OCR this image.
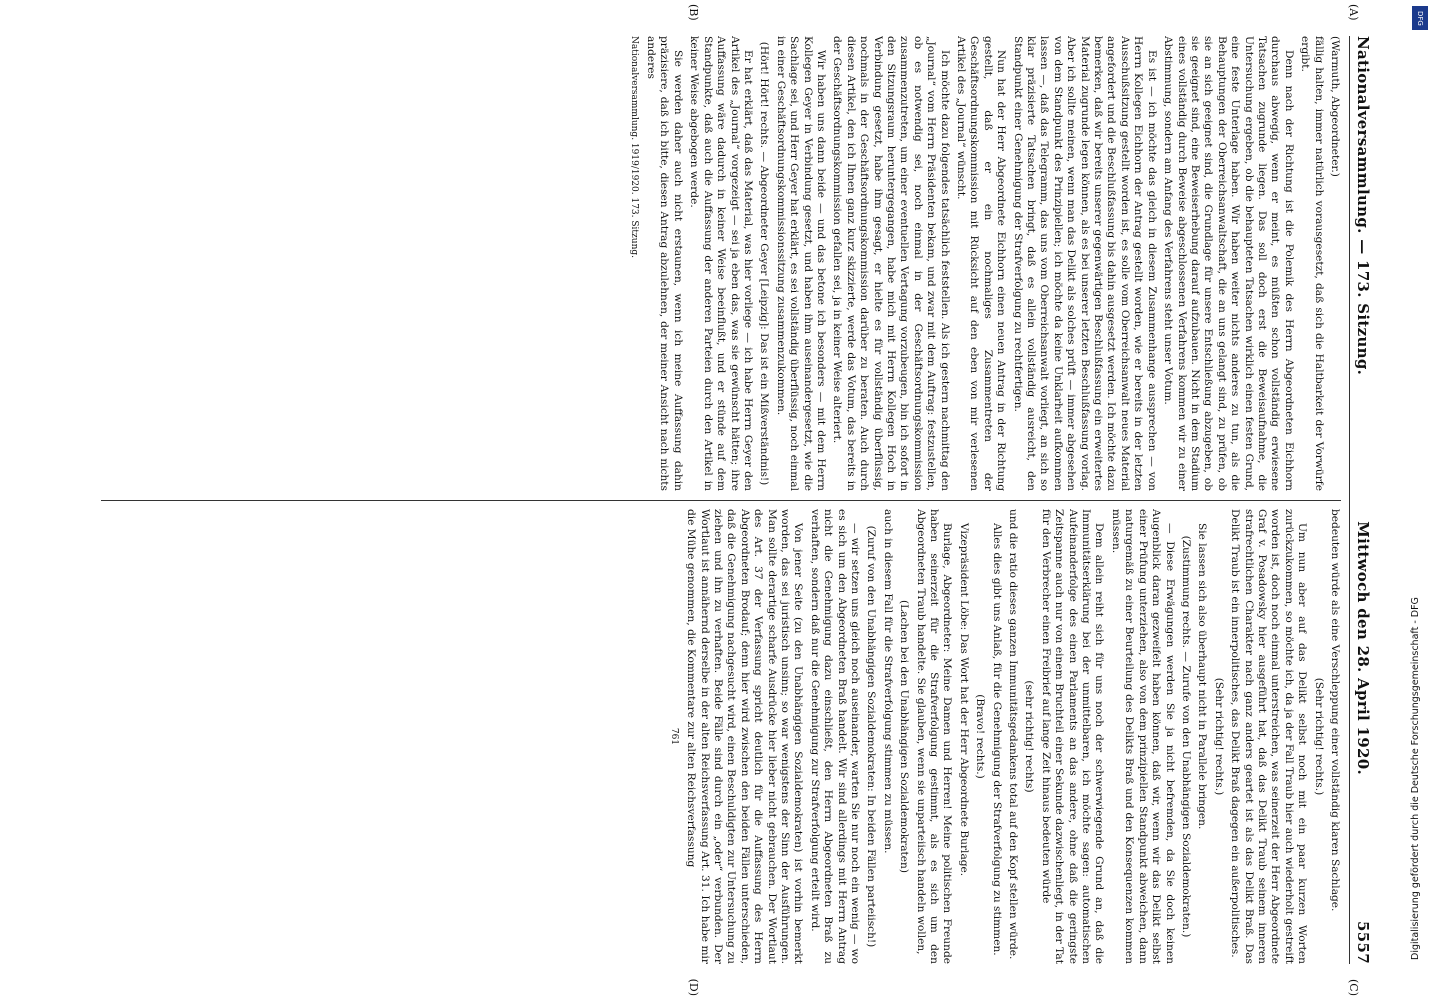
Nationalversammlung. — 173. Sitzung.
Mittwoch den 28. April 1920.
5557

(Warmuth, Abgeordneter.)

fällig halten, immer natürlich vorausgesetzt, daß sich die Haltbarkeit der Vorwürfe ergibt.

Denn nach der Richtung ist die Polemik des Herrn Abgeordneten Eichhorn durchaus abwegig, wenn er meint, es müßten schon vollständig erwiesene Tatsachen zugrunde liegen. Das soll doch erst die Beweisaufnahme, die Untersuchung ergeben, ob die behaupteten Tatsachen wirklich einen festen Grund, eine feste Unterlage haben. Wir haben weiter nichts anderes zu tun, als die Behauptungen der Oberreichsanwaltschaft, die an uns gelangt sind, zu prüfen, ob sie an sich geeignet sind, die Grundlage für unsere Entschließung abzugeben, ob sie geeignet sind, eine Beweiserhebung darauf aufzubauen. Nicht in dem Stadium eines vollständig durch Beweise abgeschlossenen Verfahrens kommen wir zu einer Abstimmung, sondern am Anfang des Verfahrens steht unser Votum.

Es ist — ich möchte das gleich in diesem Zusammenhange aussprechen — von Herrn Kollegen Eichhorn der Antrag gestellt worden, wie er bereits in der letzten Ausschußsitzung gestellt worden ist, es solle vom Oberreichsanwalt neues Material angefordert und die Beschlußfassung bis dahin ausgesetzt werden. Ich möchte dazu bemerken, daß wir bereits unserer gegenwärtigen Beschlußfassung ein erweitertes Material zugrunde legen können, als es bei unserer letzten Beschlußfassung vorlag. Aber ich sollte meinen, wenn man das Delikt als solches prüft — immer abgesehen von dem Standpunkt des Prinzipiellen; ich möchte da keine Unklarheit aufkommen lassen —, daß das Telegramm, das uns vom Oberreichsanwalt vorliegt, an sich so klar präzisierte Tatsachen bringt, daß es allein vollständig ausreicht, den Standpunkt einer Genehmigung der Strafverfolgung zu rechtfertigen.

Nun hat der Herr Abgeordnete Eichhorn einen neuen Antrag in der Richtung gestellt, daß er ein nochmaliges Zusammentreten der Geschäftsordnungskommission mit Rücksicht auf den eben von mir verlesenen Artikel des „Journal“ wünscht.

Ich möchte dazu folgendes tatsächlich feststellen. Als ich gestern nachmittag den „Journal“ vom Herrn Präsidenten bekam, und zwar mit dem Auftrag: festzustellen, ob es notwendig sei, noch einmal in der Geschäftsordnungskommission zusammenzutreten, um einer eventuellen Vertagung vorzubeugen, bin ich sofort in den Sitzungsraum heruntergegangen, habe mich mit Herrn Kollegen Hoch in Verbindung gesetzt, habe ihm gesagt, er hielte es für vollständig überflüssig, nochmals in der Geschäftsordnungskommission darüber zu beraten. Auch durch diesen Artikel, den ich Ihnen ganz kurz skizzierte, werde das Votum, das bereits in der Geschäftsordnungskommission gefallen sei, ja in keiner Weise alteriert.

Wir haben uns dann beide — und das betone ich besonders — mit dem Herrn Kollegen Geyer in Verbindung gesetzt, und haben ihm auseinandergesetzt, wie die Sachlage sei, und Herr Geyer hat erklärt, es sei vollständig überflüssig, noch einmal in einer Geschäftsordnungskommissionssitzung zusammenzukommen.

(Hört! Hört! rechts. — Abgeordneter Geyer [Leipzig]: Das ist ein Mißverständnis!)

Er hat erklärt, daß das Material, was hier vorliege — ich habe Herrn Geyer den Artikel des „Journal“ vorgezeigt — sei ja eben das, was sie gewünscht hätten; ihre Auffassung wäre dadurch in keiner Weise beeinflußt, und er stünde auf dem Standpunkte, daß auch die Auffassung der anderen Parteien durch den Artikel in keiner Weise abgebogen werde.

Sie werden daher auch nicht erstaunen, wenn ich meine Auffassung dahin präzisiere, daß ich bitte, diesen Antrag abzulehnen, der meiner Ansicht nach nichts anderes

Nationalversammlung. 1919/1920. 173. Sitzung.

bedeuten würde als eine Verschleppung einer vollständig klaren Sachlage.

(Sehr richtig! rechts.)

Um nun aber auf das Delikt selbst noch mit ein paar kurzen Worten zurückzukommen, so möchte ich, da ja der Fall Traub hier auch wiederholt gestreift worden ist, doch noch einmal unterstreichen, was seinerzeit der Herr Abgeordnete Graf v. Posadowsky hier ausgeführt hat, daß das Delikt Traub seinem inneren strafrechtlichen Charakter nach ganz anders geartet ist als das Delikt Braß. Das Delikt Traub ist ein innerpolitisches, das Delikt Braß dagegen ein außerpolitisches.

(Sehr richtig! rechts.)

Sie lassen sich also überhaupt nicht in Parallele bringen.

(Zustimmung rechts. — Zurufe von den Unabhängigen Sozialdemokraten.)

— Diese Erwägungen werden Sie ja nicht befremden, da Sie doch keinen Augenblick daran gezweifelt haben können, daß wir, wenn wir das Delikt selbst einer Prüfung unterziehen, also von dem prinzipiellen Standpunkt abweichen, dann naturgemäß zu einer Beurteilung des Delikts Braß und den Konsequenzen kommen müssen.

Dem allein reiht sich für uns noch der schwerwiegende Grund an, daß die Immunitätserklärung bei der unmittelbaren, ich möchte sagen: automatischen Aufeinanderfolge des einen Parlaments an das andere, ohne daß die geringste Zeitspanne auch nur von einem Bruchteil einer Sekunde dazwischenliegt, in der Tat für den Verbrecher einen Freibrief auf lange Zeit hinaus bedeuten würde

(sehr richtig! rechts)

und die ratio dieses ganzen Immunitätsgedankens total auf den Kopf stellen würde.

Alles dies gibt uns Anlaß, für die Genehmigung der Strafverfolgung zu stimmen.

(Bravo! rechts.)

Vizepräsident Löbe: Das Wort hat der Herr Abgeordnete Burlage.

Burlage, Abgeordneter: Meine Damen und Herren! Meine politischen Freunde haben seinerzeit für die Strafverfolgung gestimmt, als es sich um den Abgeordneten Traub handelte. Sie glauben, wenn sie unparteiisch handeln wollen,

(Lachen bei den Unabhängigen Sozialdemokraten)

auch in diesem Fall für die Strafverfolgung stimmen zu müssen.

(Zuruf von den Unabhängigen Sozialdemokraten: In beiden Fällen parteiisch!)

— wir setzen uns gleich noch auseinander, warten Sie nur noch ein wenig — wo es sich um den Abgeordneten Braß handelt. Wir sind allerdings mit Herrn Antrag nicht die Genehmigung dazu einschließt, den Herrn Abgeordneten Braß zu verhaften, sondern daß nur die Genehmigung zur Strafverfolgung erteilt wird.

Von jener Seite (zu den Unabhängigen Sozialdemokraten) ist vorhin bemerkt worden, das sei juristisch unsinn; so war wenigstens der Sinn der Ausführungen. Man sollte derartige scharfe Ausdrücke hier lieber nicht gebrauchen. Der Wortlaut des Art. 37 der Verfassung spricht deutlich für die Auffassung des Herrn Abgeordneten Brodauf; denn hier wird zwischen den beiden Fällen unterschieden, daß die Genehmigung nachgesucht wird, einen Beschuldigten zur Untersuchung zu ziehen und ihn zu verhaften. Beide Fälle sind durch ein „oder“ verbunden. Der Wortlaut ist annähernd derselbe in der alten Reichsverfassung Art. 31. Ich habe mir die Mühe genommen, die Kommentare zur alten Reichsverfassung

761
(A)
(B)
(C)
(D)
Digitalisierung gefördert durch die Deutsche Forschungsgemeinschaft - DFG
DFG
